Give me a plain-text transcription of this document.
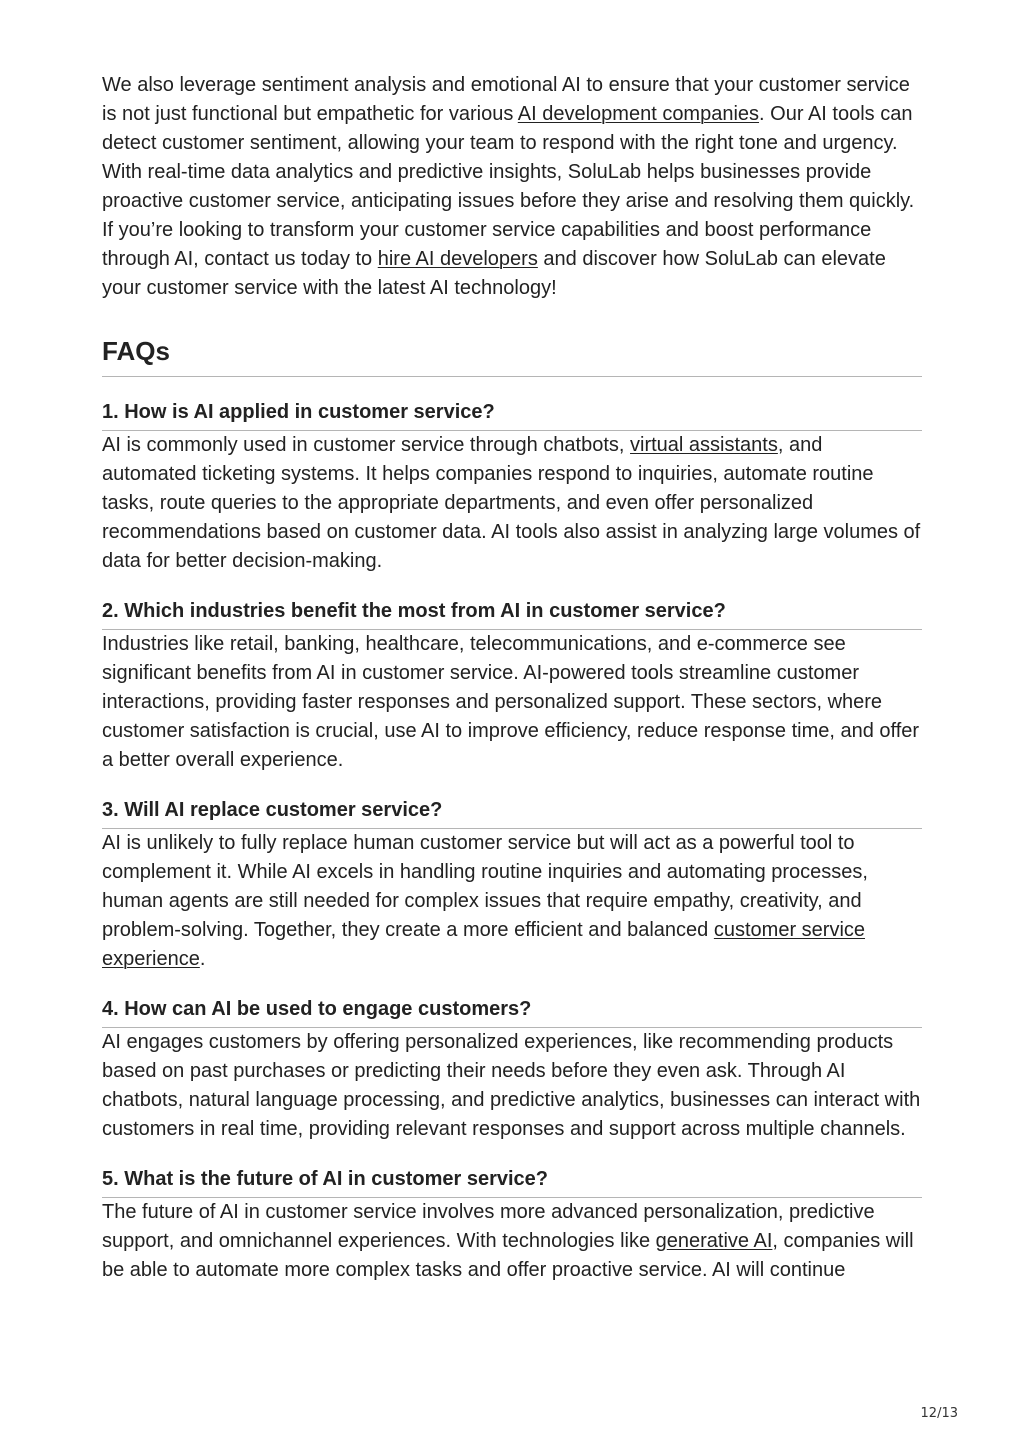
We also leverage sentiment analysis and emotional AI to ensure that your customer service is not just functional but empathetic for various AI development companies. Our AI tools can detect customer sentiment, allowing your team to respond with the right tone and urgency. With real-time data analytics and predictive insights, SoluLab helps businesses provide proactive customer service, anticipating issues before they arise and resolving them quickly. If you’re looking to transform your customer service capabilities and boost performance through AI, contact us today to hire AI developers and discover how SoluLab can elevate your customer service with the latest AI technology!

FAQs
1. How is AI applied in customer service?

AI is commonly used in customer service through chatbots, virtual assistants, and automated ticketing systems. It helps companies respond to inquiries, automate routine tasks, route queries to the appropriate departments, and even offer personalized recommendations based on customer data. AI tools also assist in analyzing large volumes of data for better decision-making.

2. Which industries benefit the most from AI in customer service?

Industries like retail, banking, healthcare, telecommunications, and e-commerce see significant benefits from AI in customer service. AI-powered tools streamline customer interactions, providing faster responses and personalized support. These sectors, where customer satisfaction is crucial, use AI to improve efficiency, reduce response time, and offer a better overall experience.

3. Will AI replace customer service?

AI is unlikely to fully replace human customer service but will act as a powerful tool to complement it. While AI excels in handling routine inquiries and automating processes, human agents are still needed for complex issues that require empathy, creativity, and problem-solving. Together, they create a more efficient and balanced customer service experience.

4. How can AI be used to engage customers?

AI engages customers by offering personalized experiences, like recommending products based on past purchases or predicting their needs before they even ask. Through AI chatbots, natural language processing, and predictive analytics, businesses can interact with customers in real time, providing relevant responses and support across multiple channels.

5. What is the future of AI in customer service?

The future of AI in customer service involves more advanced personalization, predictive support, and omnichannel experiences. With technologies like generative AI, companies will be able to automate more complex tasks and offer proactive service. AI will continue

12/13
